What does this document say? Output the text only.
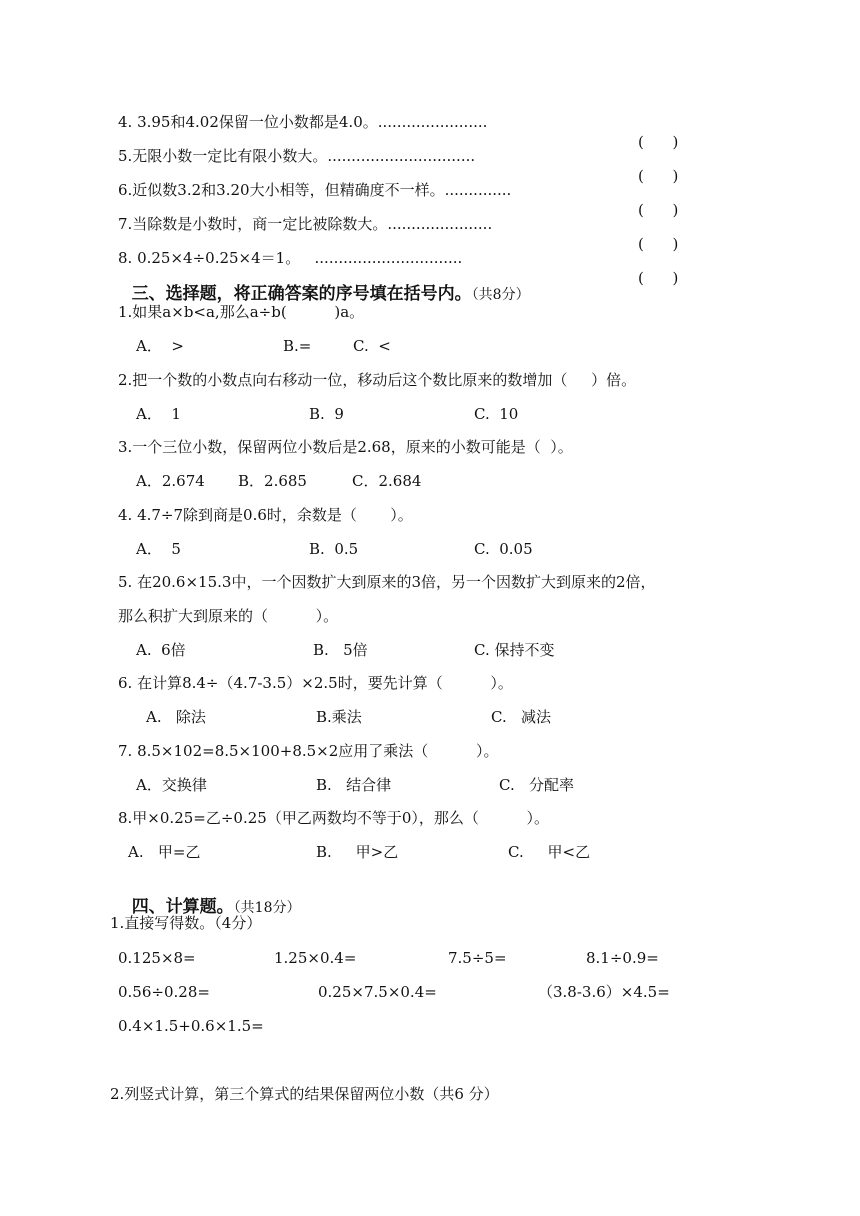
4. 3.95和4.02保留一位小数都是4.0。.......................

(      )

5.无限小数一定比有限小数大。...............................

(      )

6.近似数3.2和3.20大小相等，但精确度不一样。..............

(      )

7.当除数是小数时，商一定比被除数大。......................

(      )

8. 0.25×4÷0.25×4＝1。   ...............................

(      )

三、选择题，将正确答案的序号填在括号内。（共8分）

1.如果a×b<a,那么a÷b(          )a。
A．  >	B.=	C.  <
2.把一个数的小数点向右移动一位，移动后这个数比原来的数增加（     ）倍。
A．  1	B.  9	C.  10
3.一个三位小数，保留两位小数后是2.68，原来的小数可能是（  ）。
A．2.674 B．2.685	C．2.684
4. 4.7÷7除到商是0.6时，余数是（       ）。
A．  5	B.  0.5	C.  0.05
5. 在20.6×15.3中，一个因数扩大到原来的3倍，另一个因数扩大到原来的2倍，
那么积扩大到原来的（          ）。
A.  6倍	B.   5倍	C. 保持不变
6. 在计算8.4÷（4.7-3.5）×2.5时，要先计算（          ）。
A.   除法	B.乘法	C.   减法
7. 8.5×102=8.5×100+8.5×2应用了乘法（          ）。
A．交换律	B.   结合律	C.   分配率
8.甲×0.25=乙÷0.25（甲乙两数均不等于0），那么（          ）。
A.   甲=乙	B.     甲>乙	C.     甲<乙

四、计算题。（共18分）

1.直接写得数。（4分）
0.125×8=	1.25×0.4=	7.5÷5=	8.1÷0.9=
0.56÷0.28=	0.25×7.5×0.4=	（3.8-3.6）×4.5=
0.4×1.5+0.6×1.5=
2.列竖式计算，第三个算式的结果保留两位小数（共6 分）
